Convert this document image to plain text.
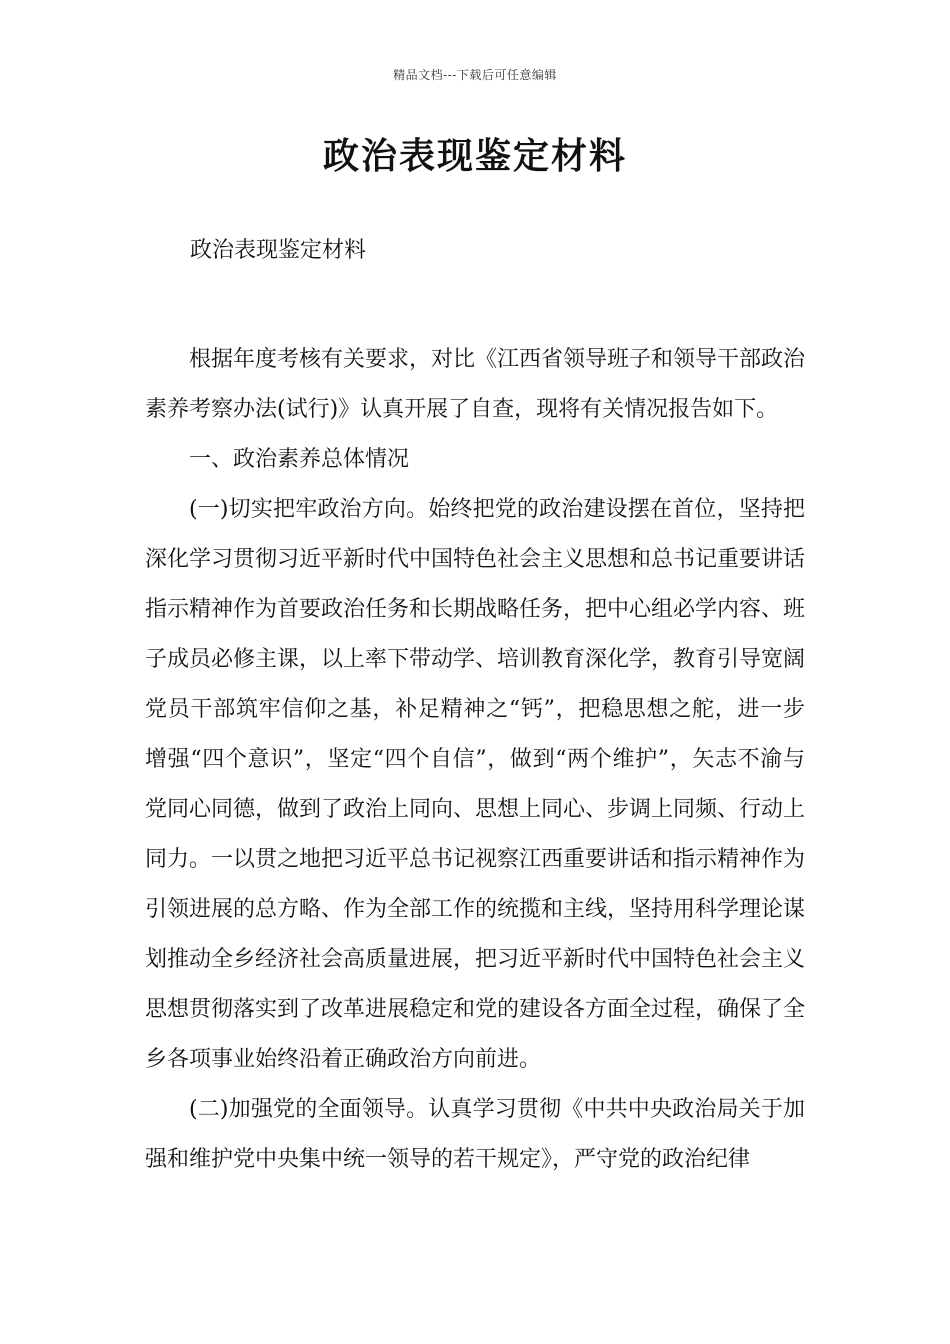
精品文档---下载后可任意编辑
政治表现鉴定材料
政治表现鉴定材料

根据年度考核有关要求，对比《江西省领导班子和领导干部政治素养考察办法(试行)》认真开展了自查，现将有关情况报告如下。

一、政治素养总体情况

(一)切实把牢政治方向。始终把党的政治建设摆在首位，坚持把深化学习贯彻习近平新时代中国特色社会主义思想和总书记重要讲话指示精神作为首要政治任务和长期战略任务，把中心组必学内容、班子成员必修主课，以上率下带动学、培训教育深化学，教育引导宽阔党员干部筑牢信仰之基，补足精神之“钙”，把稳思想之舵，进一步增强“四个意识”，坚定“四个自信”，做到“两个维护”，矢志不渝与党同心同德，做到了政治上同向、思想上同心、步调上同频、行动上同力。一以贯之地把习近平总书记视察江西重要讲话和指示精神作为引领进展的总方略、作为全部工作的统揽和主线，坚持用科学理论谋划推动全乡经济社会高质量进展，把习近平新时代中国特色社会主义思想贯彻落实到了改革进展稳定和党的建设各方面全过程，确保了全乡各项事业始终沿着正确政治方向前进。

(二)加强党的全面领导。认真学习贯彻《中共中央政治局关于加强和维护党中央集中统一领导的若干规定》，严守党的政治纪律
